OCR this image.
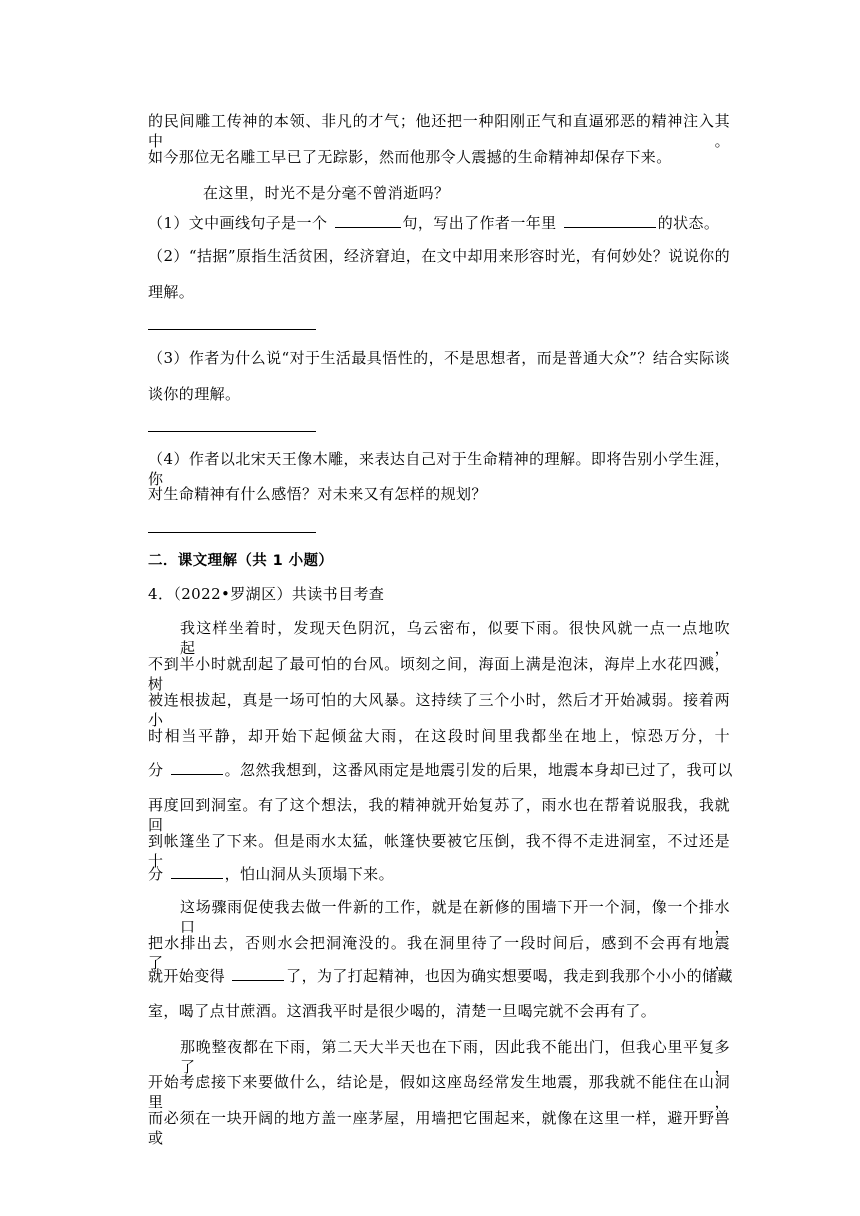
的民间雕工传神的本领、非凡的才气；他还把一种阳刚正气和直逼邪恶的精神注入其中。
如今那位无名雕工早已了无踪影，然而他那令人震撼的生命精神却保存下来。
在这里，时光不是分毫不曾消逝吗？
（1）文中画线句子是一个	句，写出了作者一年里	的状态。
（2）“拮据”原指生活贫困，经济窘迫，在文中却用来形容时光，有何妙处？说说你的
理解。
（3）作者为什么说“对于生活最具悟性的，不是思想者，而是普通大众”？结合实际谈
谈你的理解。
（4）作者以北宋天王像木雕，来表达自己对于生命精神的理解。即将告别小学生涯，你
对生命精神有什么感悟？对未来又有怎样的规划？
二．课文理解（共 1 小题）
4．（2022•罗湖区）共读书目考查
我这样坐着时，发现天色阴沉，乌云密布，似要下雨。很快风就一点一点地吹起，
不到半小时就刮起了最可怕的台风。顷刻之间，海面上满是泡沫，海岸上水花四溅，树
被连根拔起，真是一场可怕的大风暴。这持续了三个小时，然后才开始减弱。接着两小
时相当平静，却开始下起倾盆大雨，在这段时间里我都坐在地上，惊恐万分，十
分	。忽然我想到，这番风雨定是地震引发的后果，地震本身却已过了，我可以
再度回到洞室。有了这个想法，我的精神就开始复苏了，雨水也在帮着说服我，我就回
到帐篷坐了下来。但是雨水太猛，帐篷快要被它压倒，我不得不走进洞室，不过还是十
分	，怕山洞从头顶塌下来。
这场骤雨促使我去做一件新的工作，就是在新修的围墙下开一个洞，像一个排水口，
把水排出去，否则水会把洞淹没的。我在洞里待了一段时间后，感到不会再有地震了，
就开始变得	了，为了打起精神，也因为确实想要喝，我走到我那个小小的储藏
室，喝了点甘蔗酒。这酒我平时是很少喝的，清楚一旦喝完就不会再有了。
那晚整夜都在下雨，第二天大半天也在下雨，因此我不能出门，但我心里平复多了，
开始考虑接下来要做什么，结论是，假如这座岛经常发生地震，那我就不能住在山洞里，
而必须在一块开阔的地方盖一座茅屋，用墙把它围起来，就像在这里一样，避开野兽或
